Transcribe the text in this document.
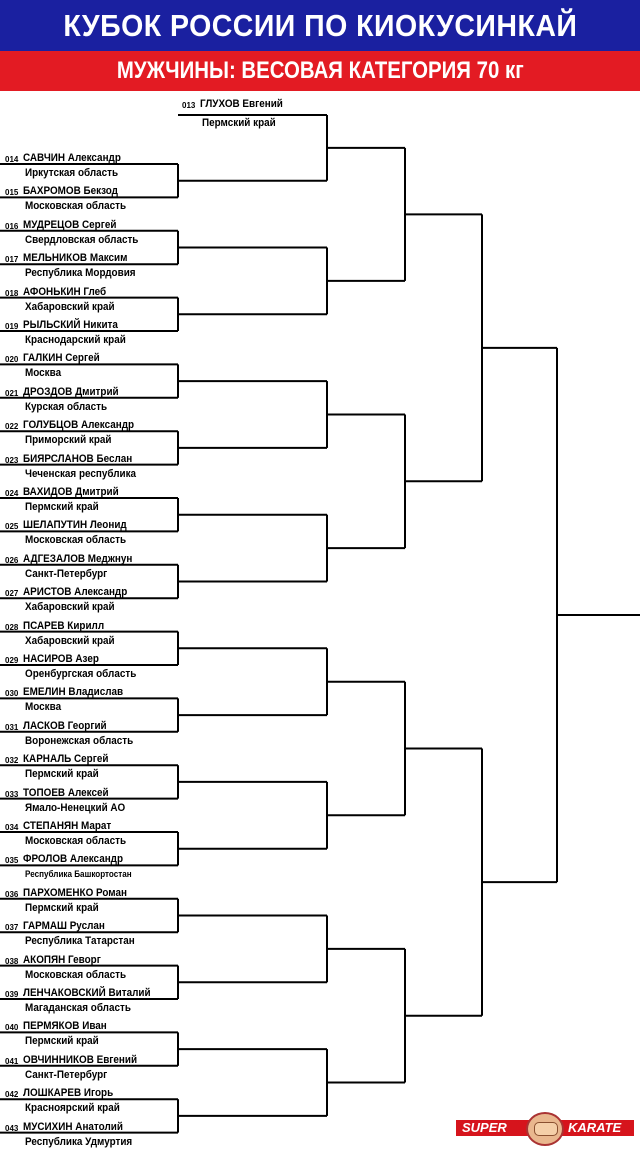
КУБОК РОССИИ ПО КИОКУСИНКАЙ
МУЖЧИНЫ: ВЕСОВАЯ КАТЕГОРИЯ 70 кг
013 ГЛУХОВ Евгений
Пермский край
014 САВЧИН Александр
Иркутская область
015 БАХРОМОВ Бекзод
Московская область
016 МУДРЕЦОВ Сергей
Свердловская область
017 МЕЛЬНИКОВ Максим
Республика Мордовия
018 АФОНЬКИН Глеб
Хабаровский край
019 РЫЛЬСКИЙ Никита
Краснодарский край
020 ГАЛКИН Сергей
Москва
021 ДРОЗДОВ Дмитрий
Курская область
022 ГОЛУБЦОВ Александр
Приморский край
023 БИЯРСЛАНОВ Беслан
Чеченская республика
024 ВАХИДОВ Дмитрий
Пермский край
025 ШЕЛАПУТИН Леонид
Московская область
026 АДГЕЗАЛОВ Меджнун
Санкт-Петербург
027 АРИСТОВ Александр
Хабаровский край
028 ПСАРЕВ Кирилл
Хабаровский край
029 НАСИРОВ Азер
Оренбургская область
030 ЕМЕЛИН Владислав
Москва
031 ЛАСКОВ Георгий
Воронежская область
032 КАРНАЛЬ Сергей
Пермский край
033 ТОПОЕВ Алексей
Ямало-Ненецкий АО
034 СТЕПАНЯН Марат
Московская область
035 ФРОЛОВ Александр
Республика Башкортостан
036 ПАРХОМЕНКО Роман
Пермский край
037 ГАРМАШ Руслан
Республика Татарстан
038 АКОПЯН Геворг
Московская область
039 ЛЕНЧАКОВСКИЙ Виталий
Магаданская область
040 ПЕРМЯКОВ Иван
Пермский край
041 ОВЧИННИКОВ Евгений
Санкт-Петербург
042 ЛОШКАРЕВ Игорь
Красноярский край
043 МУСИХИН Анатолий
Республика Удмуртия
SUPER	KARATE
